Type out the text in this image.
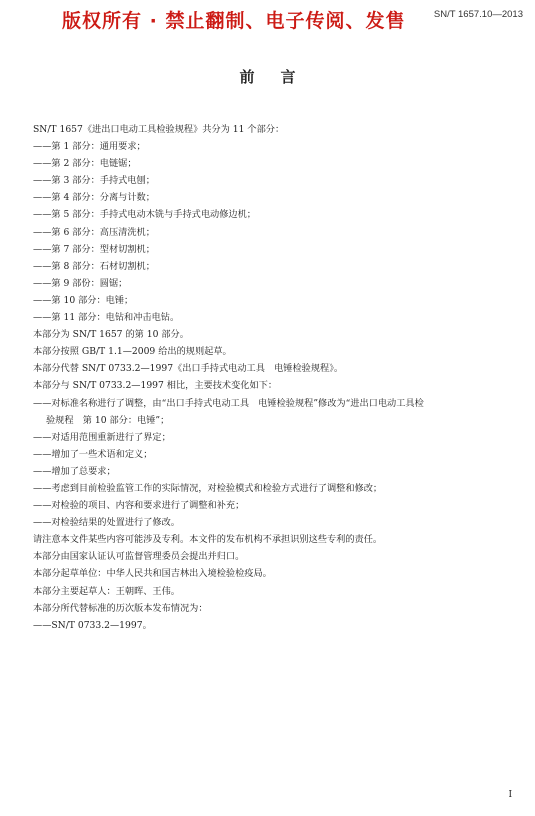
SN/T 1657.10—2013
版权所有 · 禁止翻制、电子传阅、发售
前言
SN/T 1657《进出口电动工具检验规程》共分为 11 个部分：
——第 1 部分：通用要求；
——第 2 部分：电链锯；
——第 3 部分：手持式电刨；
——第 4 部分：分离与计数；
——第 5 部分：手持式电动木铣与手持式电动修边机；
——第 6 部分：高压清洗机；
——第 7 部分：型材切割机；
——第 8 部分：石材切割机；
——第 9 部份：圆锯；
——第 10 部分：电锤；
——第 11 部分：电钻和冲击电钻。
本部分为 SN/T 1657 的第 10 部分。
本部分按照 GB/T 1.1—2009 给出的规则起草。
本部分代替 SN/T 0733.2—1997《出口手持式电动工具　电锤检验规程》。
本部分与 SN/T 0733.2—1997 相比，主要技术变化如下：
——对标准名称进行了调整，由“出口手持式电动工具　电锤检验规程”修改为“进出口电动工具检
验规程　第 10 部分：电锤”；
——对适用范围重新进行了界定；
——增加了一些术语和定义；
——增加了总要求；
——考虑到目前检验监管工作的实际情况，对检验模式和检验方式进行了调整和修改；
——对检验的项目、内容和要求进行了调整和补充；
——对检验结果的处置进行了修改。
请注意本文件某些内容可能涉及专利。本文件的发布机构不承担识别这些专利的责任。
本部分由国家认证认可监督管理委员会提出并归口。
本部分起草单位：中华人民共和国吉林出入境检验检疫局。
本部分主要起草人：王朝晖、王伟。
本部分所代替标准的历次版本发布情况为：
——SN/T 0733.2—1997。
I
